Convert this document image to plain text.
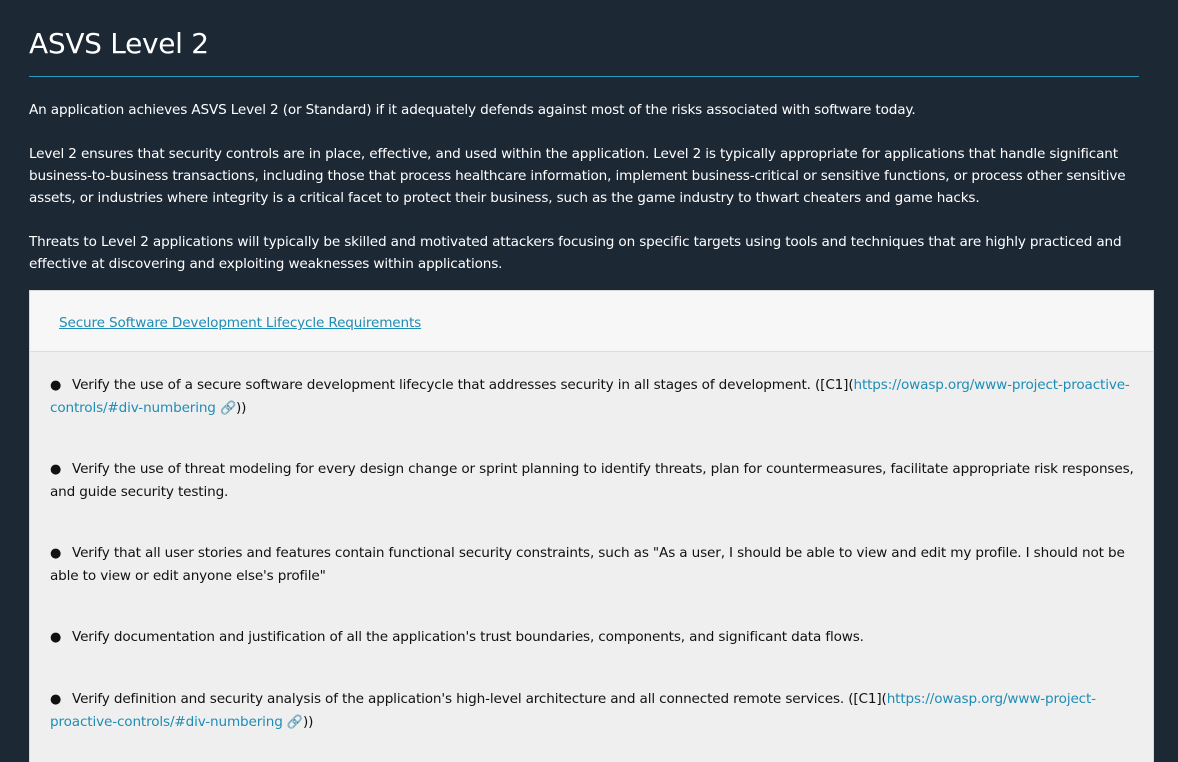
ASVS Level 2

An application achieves ASVS Level 2 (or Standard) if it adequately defends against most of the risks associated with software today.

Level 2 ensures that security controls are in place, effective, and used within the application. Level 2 is typically appropriate for applications that handle significant business-to-business transactions, including those that process healthcare information, implement business-critical or sensitive functions, or process other sensitive assets, or industries where integrity is a critical facet to protect their business, such as the game industry to thwart cheaters and game hacks.

Threats to Level 2 applications will typically be skilled and motivated attackers focusing on specific targets using tools and techniques that are highly practiced and effective at discovering and exploiting weaknesses within applications.

Secure Software Development Lifecycle Requirements
● Verify the use of a secure software development lifecycle that addresses security in all stages of development. ([C1](https://owasp.org/www-project-proactive-controls/#div-numbering 🔗))
● Verify the use of threat modeling for every design change or sprint planning to identify threats, plan for countermeasures, facilitate appropriate risk responses, and guide security testing.
● Verify that all user stories and features contain functional security constraints, such as "As a user, I should be able to view and edit my profile. I should not be able to view or edit anyone else's profile"
● Verify documentation and justification of all the application's trust boundaries, components, and significant data flows.
● Verify definition and security analysis of the application's high-level architecture and all connected remote services. ([C1](https://owasp.org/www-project-proactive-controls/#div-numbering 🔗))
